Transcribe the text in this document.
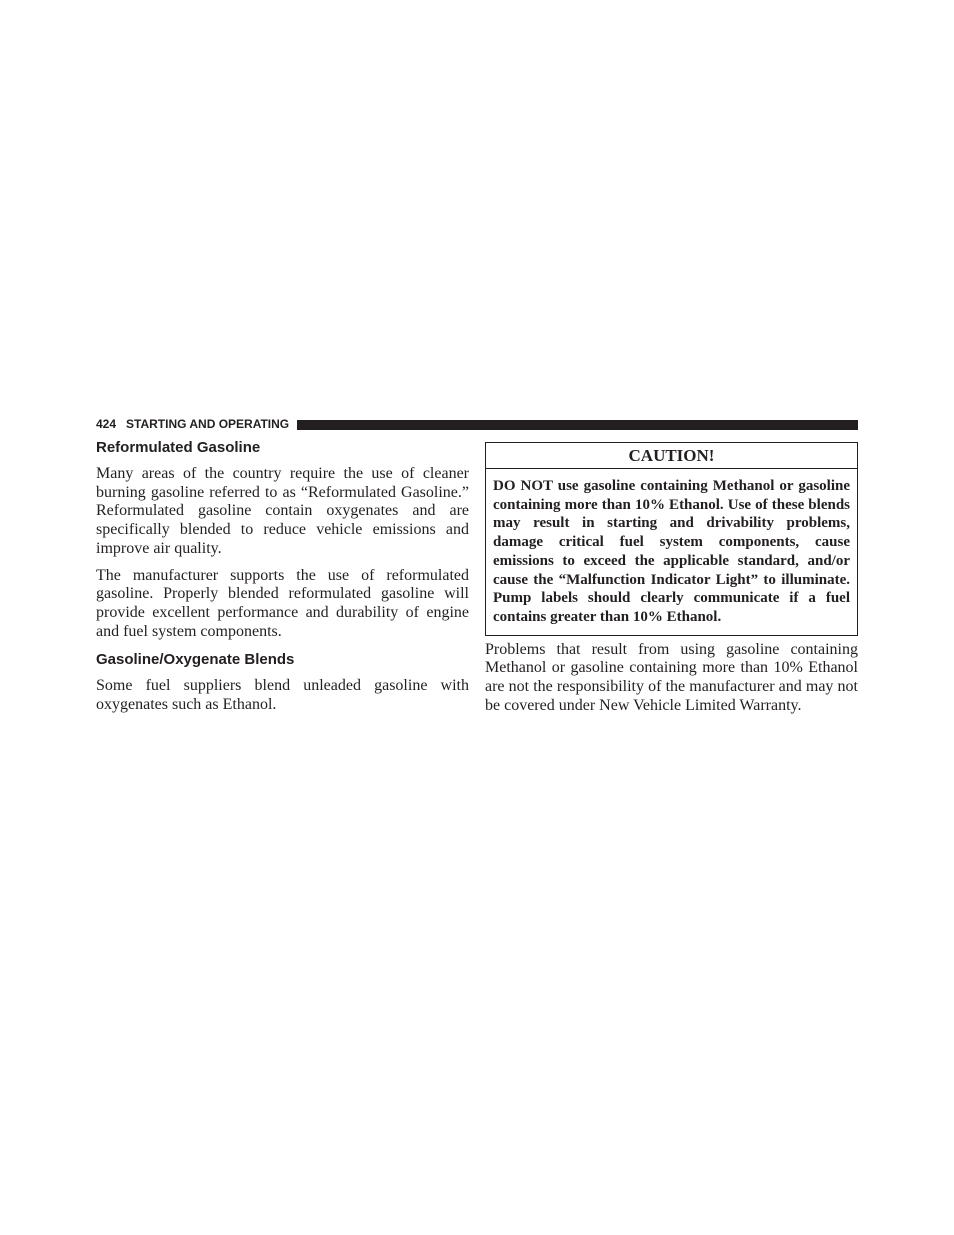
424 STARTING AND OPERATING
Reformulated Gasoline

Many areas of the country require the use of cleaner burning gasoline referred to as “Reformulated Gasoline.” Reformulated gasoline contain oxygenates and are specifically blended to reduce vehicle emissions and improve air quality.

The manufacturer supports the use of reformulated gasoline. Properly blended reformulated gasoline will provide excellent performance and durability of engine and fuel system components.

Gasoline/Oxygenate Blends

Some fuel suppliers blend unleaded gasoline with oxygenates such as Ethanol.

CAUTION!
DO NOT use gasoline containing Methanol or gasoline containing more than 10% Ethanol. Use of these blends may result in starting and drivability problems, damage critical fuel system components, cause emissions to exceed the applicable standard, and/or cause the “Malfunction Indicator Light” to illuminate. Pump labels should clearly communicate if a fuel contains greater than 10% Ethanol.

Problems that result from using gasoline containing Methanol or gasoline containing more than 10% Ethanol are not the responsibility of the manufacturer and may not be covered under New Vehicle Limited Warranty.
